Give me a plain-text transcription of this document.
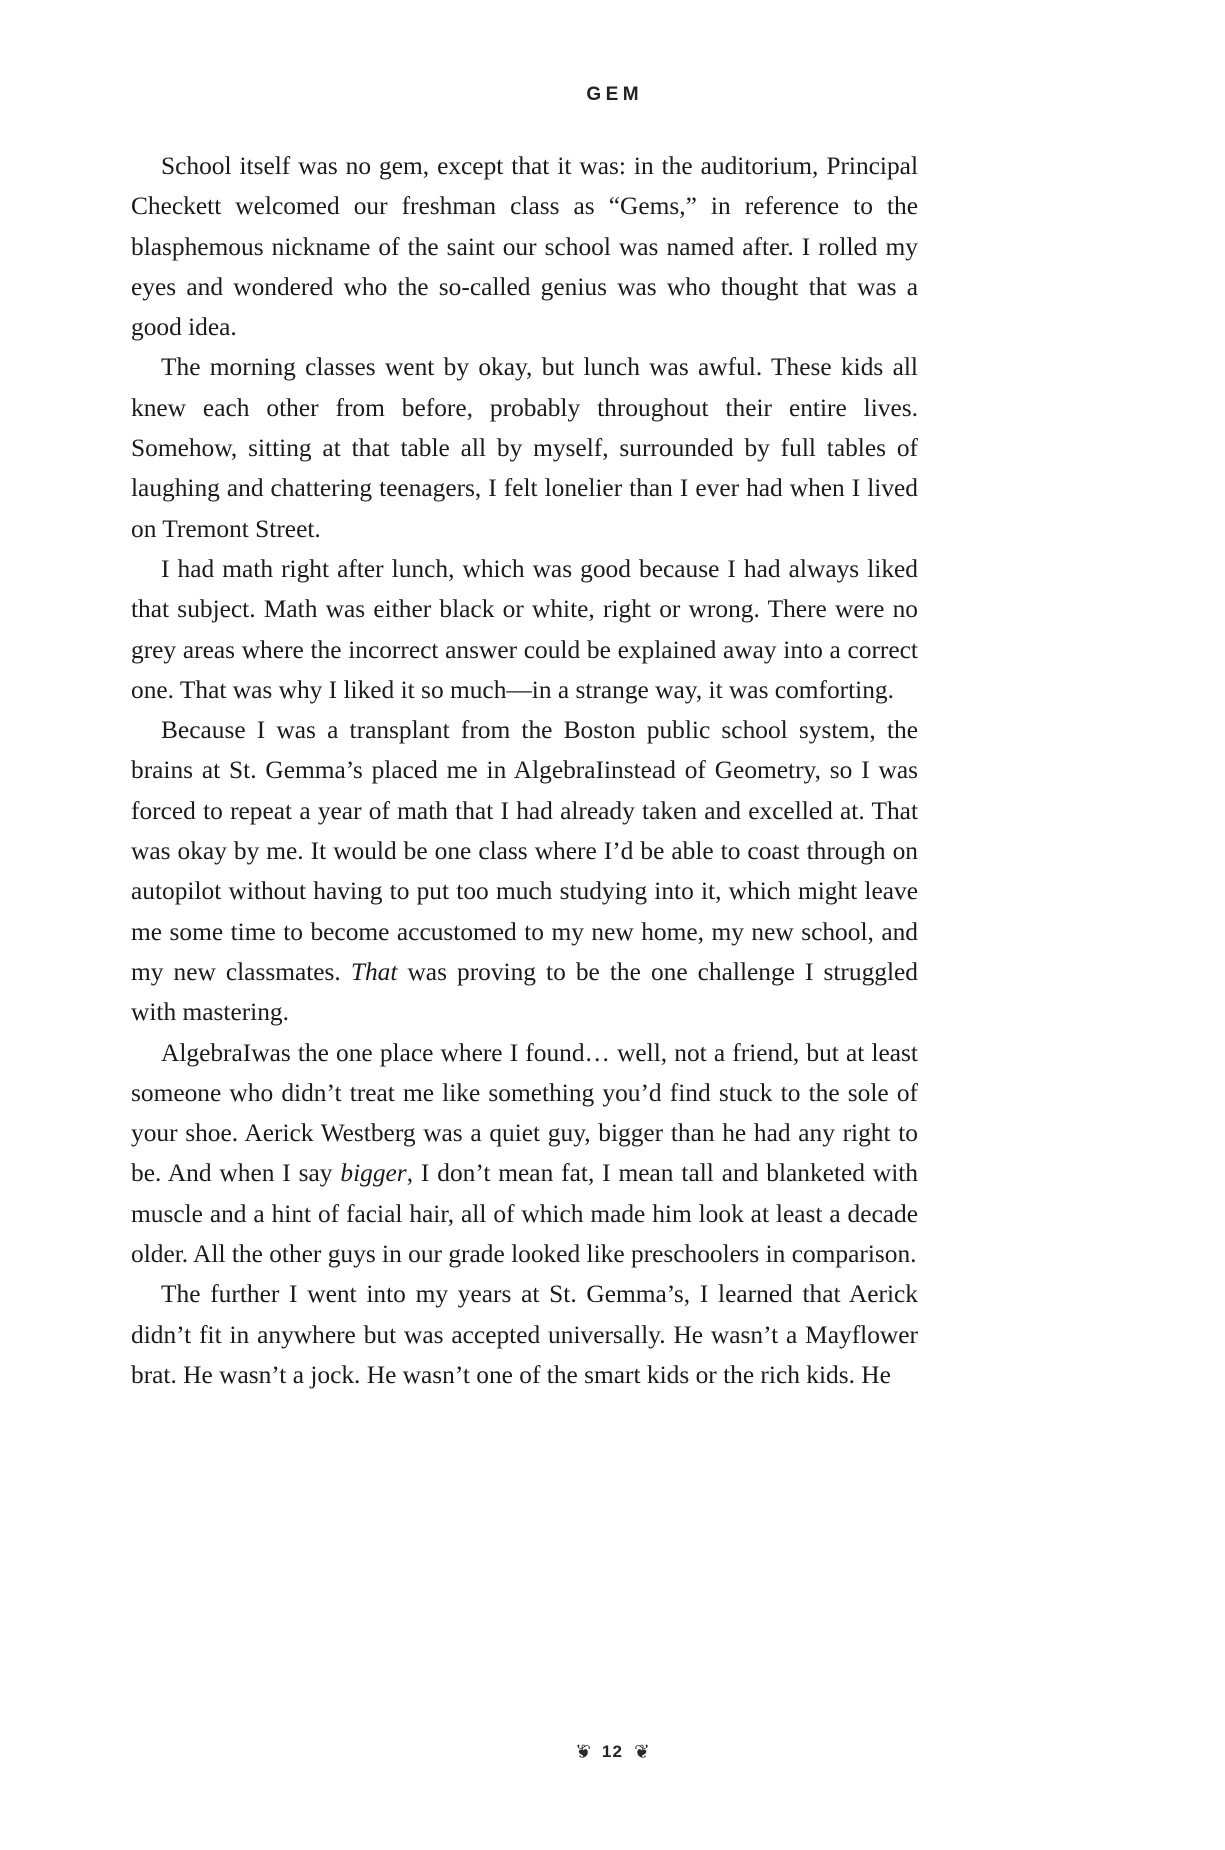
GEM

School itself was no gem, except that it was: in the auditorium, Principal Checkett welcomed our freshman class as “Gems,” in reference to the blasphemous nickname of the saint our school was named after. I rolled my eyes and wondered who the so-called genius was who thought that was a good idea.

The morning classes went by okay, but lunch was awful. These kids all knew each other from before, probably throughout their entire lives. Somehow, sitting at that table all by myself, surrounded by full tables of laughing and chattering teenagers, I felt lonelier than I ever had when I lived on Tremont Street.

I had math right after lunch, which was good because I had always liked that subject. Math was either black or white, right or wrong. There were no grey areas where the incorrect answer could be explained away into a correct one. That was why I liked it so much—in a strange way, it was comforting.

Because I was a transplant from the Boston public school system, the brains at St. Gemma’s placed me in AlgebraIinstead of Geometry, so I was forced to repeat a year of math that I had already taken and excelled at. That was okay by me. It would be one class where I’d be able to coast through on autopilot without having to put too much studying into it, which might leave me some time to become accustomed to my new home, my new school, and my new classmates. That was proving to be the one challenge I struggled with mastering.

AlgebraIwas the one place where I found… well, not a friend, but at least someone who didn’t treat me like something you’d find stuck to the sole of your shoe. Aerick Westberg was a quiet guy, bigger than he had any right to be. And when I say bigger, I don’t mean fat, I mean tall and blanketed with muscle and a hint of facial hair, all of which made him look at least a decade older. All the other guys in our grade looked like preschoolers in comparison.

The further I went into my years at St. Gemma’s, I learned that Aerick didn’t fit in anywhere but was accepted universally. He wasn’t a Mayflower brat. He wasn’t a jock. He wasn’t one of the smart kids or the rich kids. He

❦ 12 ❦
